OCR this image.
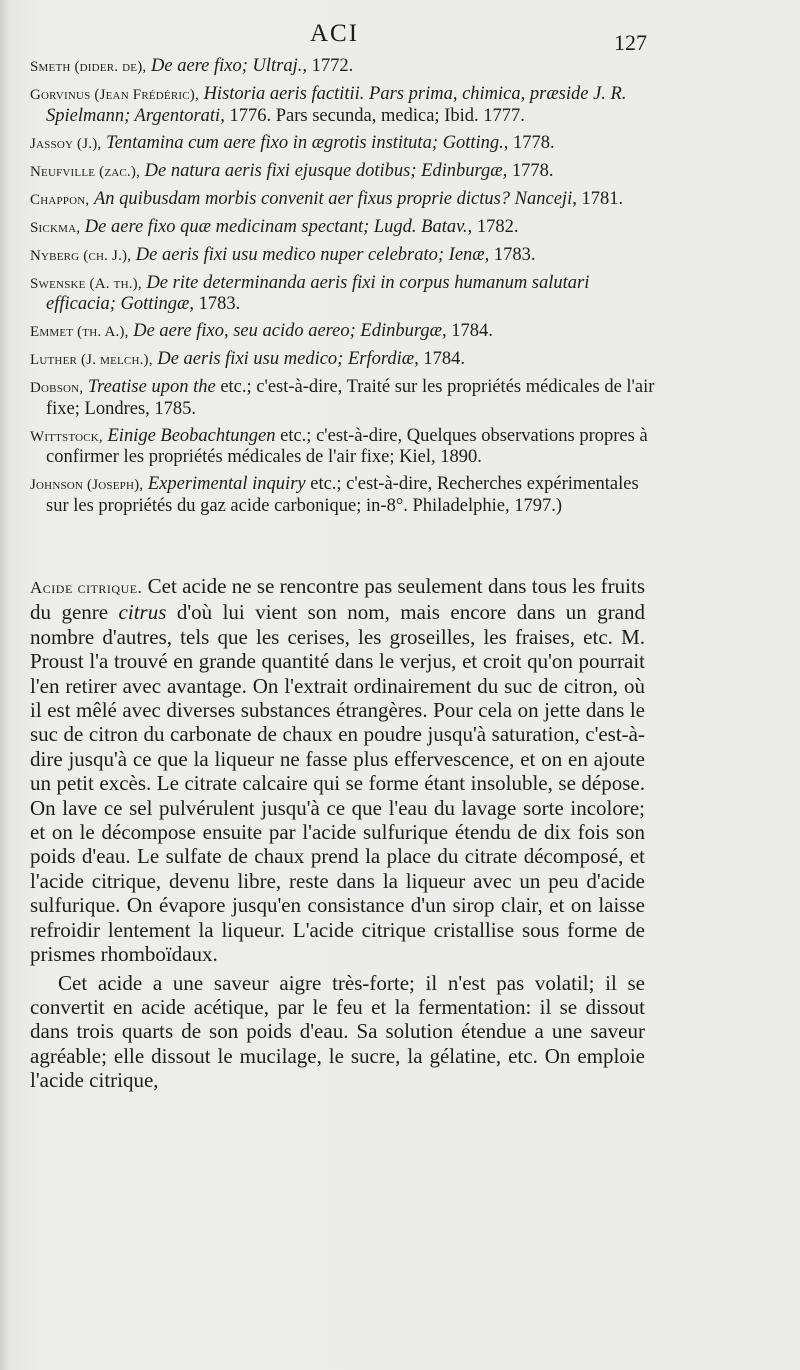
ACI	127

Smeth (dider. de), De aere fixo; Ultraj., 1772.

Gorvinus (Jean Frédéric), Historia aeris factitii. Pars prima, chimica, præside J. R. Spielmann; Argentorati, 1776. Pars secunda, medica; Ibid. 1777.

Jassoy (J.), Tentamina cum aere fixo in ægrotis instituta; Gotting., 1778.

Neufville (zac.), De natura aeris fixi ejusque dotibus; Edinburgæ, 1778.

Chappon, An quibusdam morbis convenit aer fixus proprie dictus? Nanceji, 1781.

Sickma, De aere fixo quæ medicinam spectant; Lugd. Batav., 1782.

Nyberg (ch. J.), De aeris fixi usu medico nuper celebrato; Ienæ, 1783.

Swenske (A. th.), De rite determinanda aeris fixi in corpus humanum salutari efficacia; Gottingæ, 1783.

Emmet (th. A.), De aere fixo, seu acido aereo; Edinburgæ, 1784.

Luther (J. melch.), De aeris fixi usu medico; Erfordiæ, 1784.

Dobson, Treatise upon the etc.; c'est-à-dire, Traité sur les propriétés médicales de l'air fixe; Londres, 1785.

Wittstock, Einige Beobachtungen etc.; c'est-à-dire, Quelques observations propres à confirmer les propriétés médicales de l'air fixe; Kiel, 1890.

Johnson (Joseph), Experimental inquiry etc.; c'est-à-dire, Recherches expérimentales sur les propriétés du gaz acide carbonique; in-8°. Philadelphie, 1797.)

Acide citrique. Cet acide ne se rencontre pas seulement dans tous les fruits du genre citrus d'où lui vient son nom, mais encore dans un grand nombre d'autres, tels que les cerises, les groseilles, les fraises, etc. M. Proust l'a trouvé en grande quantité dans le verjus, et croit qu'on pourrait l'en retirer avec avantage. On l'extrait ordinairement du suc de citron, où il est mêlé avec diverses substances étrangères. Pour cela on jette dans le suc de citron du carbonate de chaux en poudre jusqu'à saturation, c'est-à-dire jusqu'à ce que la liqueur ne fasse plus effervescence, et on en ajoute un petit excès. Le citrate calcaire qui se forme étant insoluble, se dépose. On lave ce sel pulvérulent jusqu'à ce que l'eau du lavage sorte incolore; et on le décompose ensuite par l'acide sulfurique étendu de dix fois son poids d'eau. Le sulfate de chaux prend la place du citrate décomposé, et l'acide citrique, devenu libre, reste dans la liqueur avec un peu d'acide sulfurique. On évapore jusqu'en consistance d'un sirop clair, et on laisse refroidir lentement la liqueur. L'acide citrique cristallise sous forme de prismes rhomboïdaux.

Cet acide a une saveur aigre très-forte; il n'est pas volatil; il se convertit en acide acétique, par le feu et la fermentation: il se dissout dans trois quarts de son poids d'eau. Sa solution étendue a une saveur agréable; elle dissout le mucilage, le sucre, la gélatine, etc. On emploie l'acide citrique,
